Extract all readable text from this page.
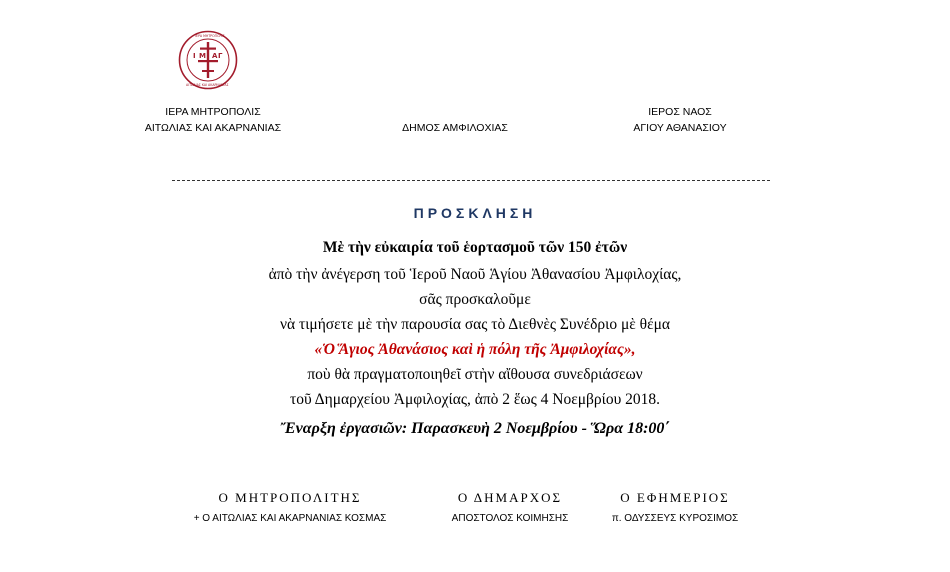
Ι Μ Α Γ
ΙΕΡΑ ΜΗΤΡΟΠΟΛΙΣ
ΑΙΤΩΛΙΑΣ ΚΑΙ ΑΚΑΡΝΑΝΙΑΣ
ΙΕΡΑ ΜΗΤΡΟΠΟΛΙΣ
ΑΙΤΩΛΙΑΣ ΚΑΙ ΑΚΑΡΝΑΝΙΑΣ	ΔΗΜΟΣ ΑΜΦΙΛΟΧΙΑΣ
ΙΕΡΟΣ ΝΑΟΣ
ΑΓΙΟΥ ΑΘΑΝΑΣΙΟΥ
ΠΡΟΣΚΛΗΣΗ
Μὲ τὴν εὐκαιρία τοῦ ἑορτασμοῦ τῶν 150 ἐτῶν
ἀπὸ τὴν ἀνέγερση τοῦ Ἱεροῦ Ναοῦ Ἁγίου Ἀθανασίου Ἀμφιλοχίας,
σᾶς προσκαλοῦμε
νὰ τιμήσετε μὲ τὴν παρουσία σας τὸ Διεθνὲς Συνέδριο μὲ θέμα
«Ὁ Ἅγιος Ἀθανάσιος καὶ ἡ πόλη τῆς Ἀμφιλοχίας»,
ποὺ θὰ πραγματοποιηθεῖ στὴν αἴθουσα συνεδριάσεων
τοῦ Δημαρχείου Ἀμφιλοχίας, ἀπὸ 2 ἕως 4 Νοεμβρίου 2018.
Ἔναρξη ἐργασιῶν: Παρασκευὴ 2 Νοεμβρίου - Ὥρα 18:00΄
Ο ΜΗΤΡΟΠΟΛΙΤΗΣ
+ Ο ΑΙΤΩΛΙΑΣ ΚΑΙ ΑΚΑΡΝΑΝΙΑΣ ΚΟΣΜΑΣ
Ο ΔΗΜΑΡΧΟΣ
ΑΠΟΣΤΟΛΟΣ ΚΟΙΜΗΣΗΣ
Ο ΕΦΗΜΕΡΙΟΣ
π. ΟΔΥΣΣΕΥΣ ΚΥΡΟΣΙΜΟΣ
